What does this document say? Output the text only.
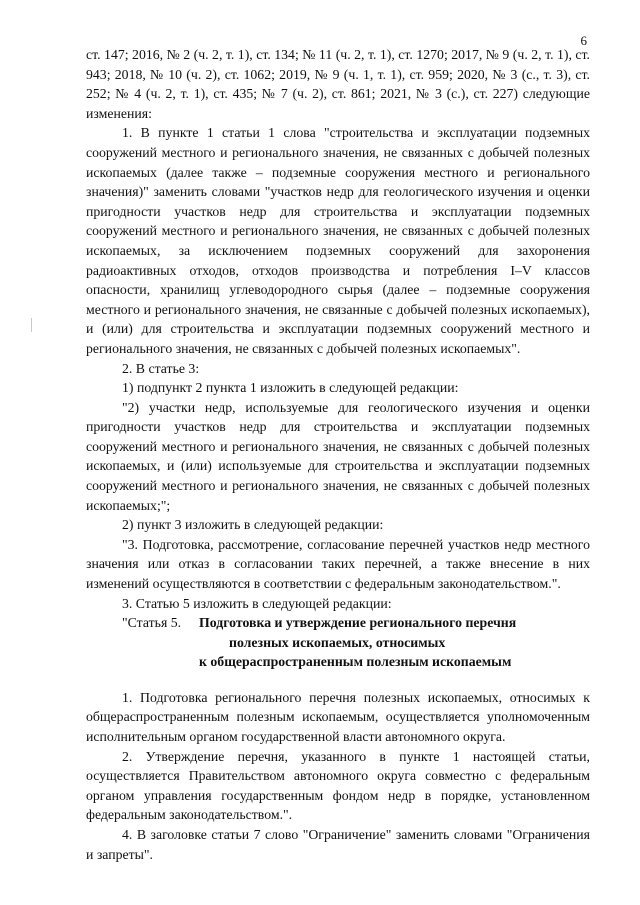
6

ст. 147; 2016, № 2 (ч. 2, т. 1), ст. 134; № 11 (ч. 2, т. 1), ст. 1270; 2017, № 9 (ч. 2, т. 1), ст. 943; 2018, № 10 (ч. 2), ст. 1062; 2019, № 9 (ч. 1, т. 1), ст. 959; 2020, № 3 (с., т. 3), ст. 252; № 4 (ч. 2, т. 1), ст. 435; № 7 (ч. 2), ст. 861; 2021, № 3 (с.), ст. 227) следующие изменения:

1. В пункте 1 статьи 1 слова "строительства и эксплуатации подземных сооружений местного и регионального значения, не связанных с добычей полезных ископаемых (далее также – подземные сооружения местного и регионального значения)" заменить словами "участков недр для геологического изучения и оценки пригодности участков недр для строительства и эксплуатации подземных сооружений местного и регионального значения, не связанных с добычей полезных ископаемых, за исключением подземных сооружений для захоронения радиоактивных отходов, отходов производства и потребления I–V классов опасности, хранилищ углеводородного сырья (далее – подземные сооружения местного и регионального значения, не связанные с добычей полезных ископаемых), и (или) для строительства и эксплуатации подземных сооружений местного и регионального значения, не связанных с добычей полезных ископаемых".

2. В статье 3:

1) подпункт 2 пункта 1 изложить в следующей редакции:

"2) участки недр, используемые для геологического изучения и оценки пригодности участков недр для строительства и эксплуатации подземных сооружений местного и регионального значения, не связанных с добычей полезных ископаемых, и (или) используемые для строительства и эксплуатации подземных сооружений местного и регионального значения, не связанных с добычей полезных ископаемых;";

2) пункт 3 изложить в следующей редакции:

"3. Подготовка, рассмотрение, согласование перечней участков недр местного значения или отказ в согласовании таких перечней, а также внесение в них изменений осуществляются в соответствии с федеральным законодательством.".

3. Статью 5 изложить в следующей редакции:

"Статья 5.	Подготовка и утверждение регионального перечня
полезных ископаемых, относимых
к общераспространенным полезным ископаемым

1. Подготовка регионального перечня полезных ископаемых, относимых к общераспространенным полезным ископаемым, осуществляется уполномоченным исполнительным органом государственной власти автономного округа.

2. Утверждение перечня, указанного в пункте 1 настоящей статьи, осуществляется Правительством автономного округа совместно с федеральным органом управления государственным фондом недр в порядке, установленном федеральным законодательством.".

4. В заголовке статьи 7 слово "Ограничение" заменить словами "Ограничения и запреты".
